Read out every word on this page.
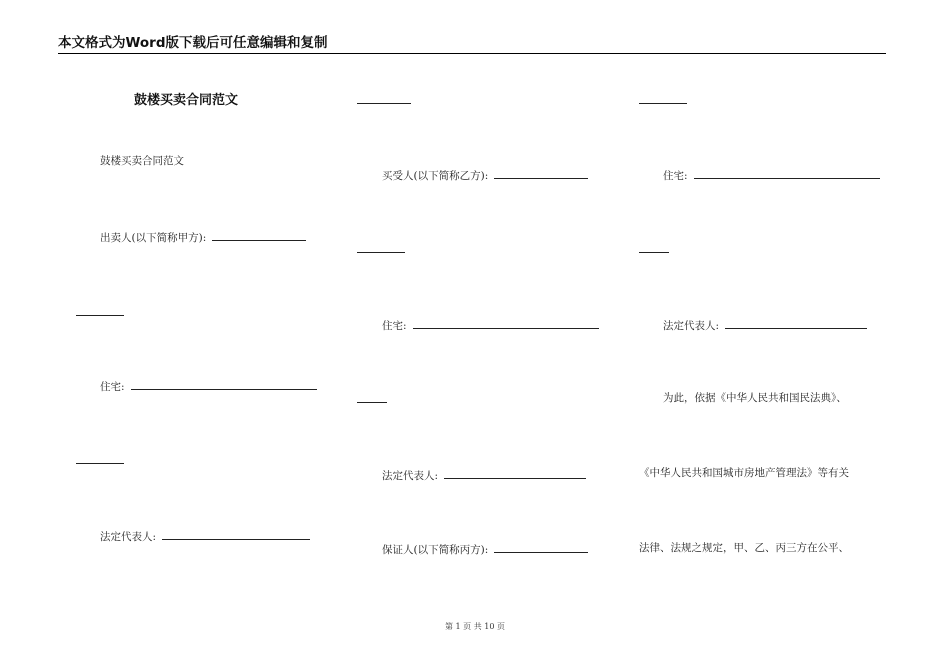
本文格式为Word版下载后可任意编辑和复制
鼓楼买卖合同范文
鼓楼买卖合同范文
出卖人(以下简称甲方):
住宅:
法定代表人:
买受人(以下简称乙方):
住宅:
法定代表人:
保证人(以下简称丙方):
住宅:
法定代表人:
为此，依据《中华人民共和国民法典》、
《中华人民共和国城市房地产管理法》等有关
法律、法规之规定，甲、乙、丙三方在公平、
第 1 页 共 10 页
